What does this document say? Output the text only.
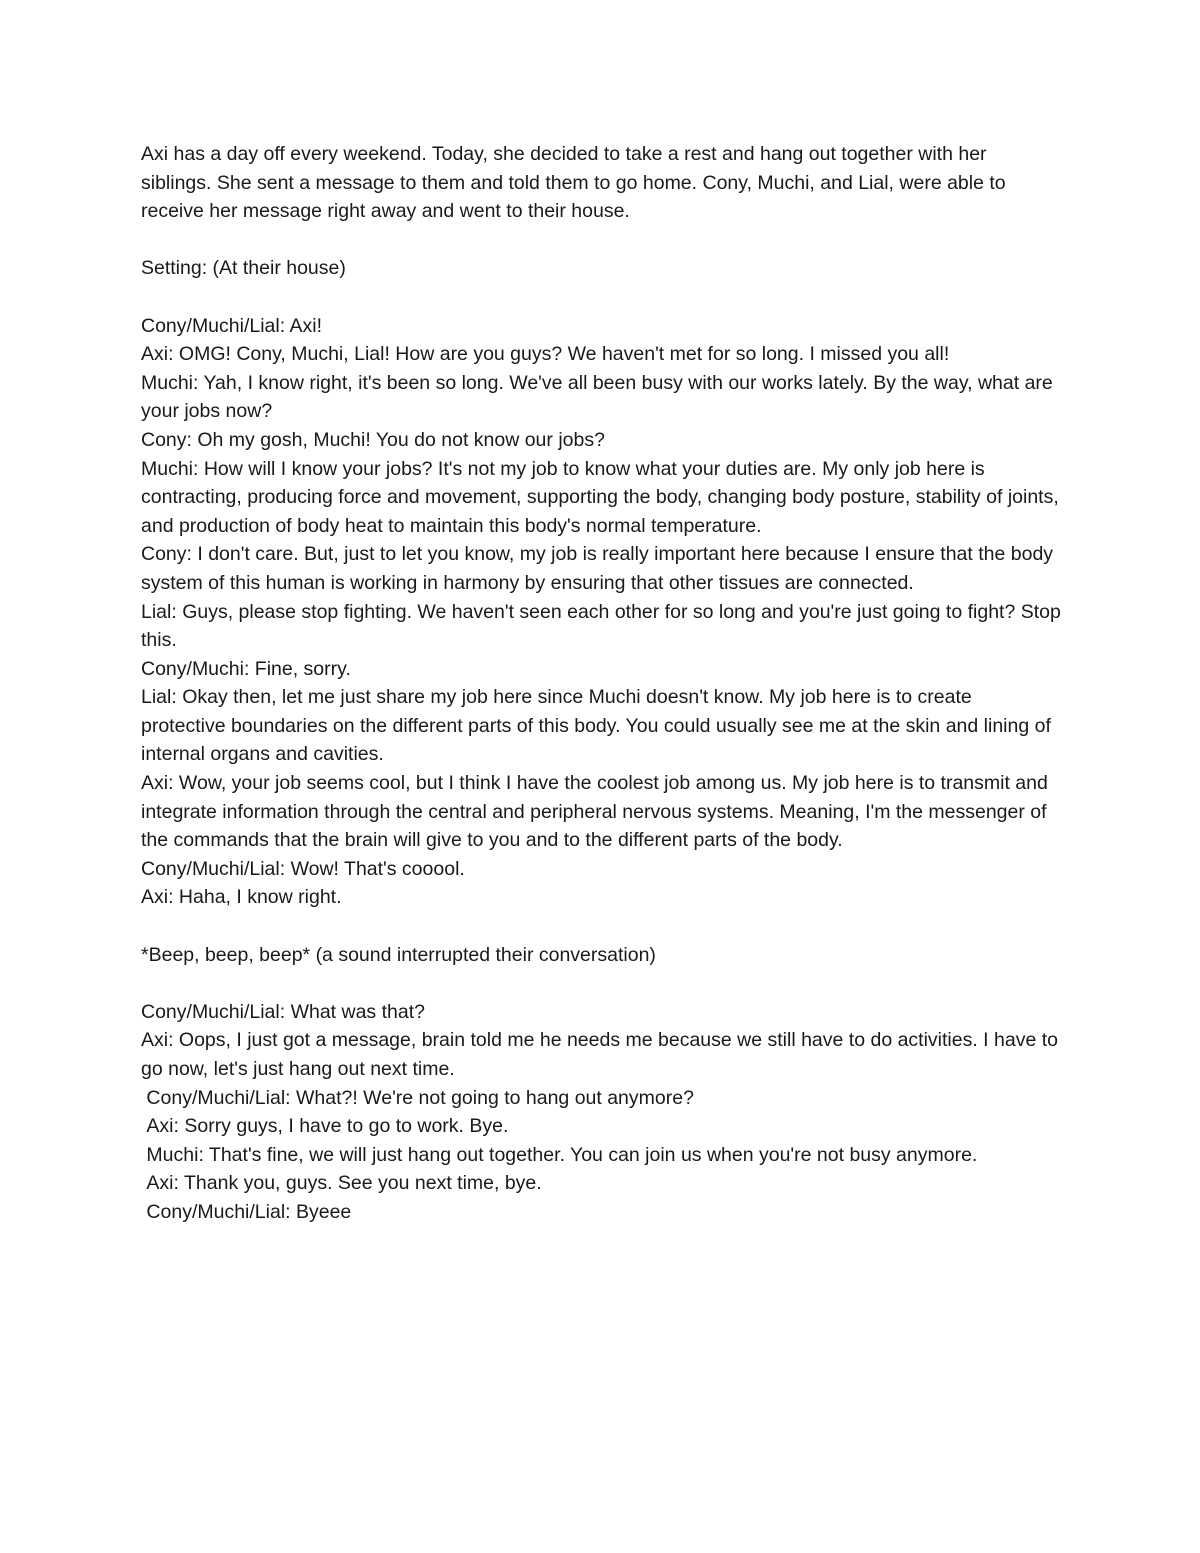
Axi has a day off every weekend. Today, she decided to take a rest and hang out together with her siblings. She sent a message to them and told them to go home. Cony, Muchi, and Lial, were able to receive her message right away and went to their house.

Setting: (At their house)

Cony/Muchi/Lial: Axi!

Axi: OMG! Cony, Muchi, Lial! How are you guys? We haven't met for so long. I missed you all!

Muchi: Yah, I know right, it's been so long. We've all been busy with our works lately. By the way, what are your jobs now?

Cony: Oh my gosh, Muchi! You do not know our jobs?

Muchi: How will I know your jobs? It's not my job to know what your duties are. My only job here is contracting, producing force and movement, supporting the body, changing body posture, stability of joints, and production of body heat to maintain this body's normal temperature.

Cony: I don't care. But, just to let you know, my job is really important here because I ensure that the body system of this human is working in harmony by ensuring that other tissues are connected.

Lial: Guys, please stop fighting. We haven't seen each other for so long and you're just going to fight? Stop this.

Cony/Muchi: Fine, sorry.

Lial: Okay then, let me just share my job here since Muchi doesn't know. My job here is to create protective boundaries on the different parts of this body. You could usually see me at the skin and lining of internal organs and cavities.

Axi: Wow, your job seems cool, but I think I have the coolest job among us. My job here is to transmit and integrate information through the central and peripheral nervous systems. Meaning, I'm the messenger of the commands that the brain will give to you and to the different parts of the body.

Cony/Muchi/Lial: Wow! That's cooool.

Axi: Haha, I know right.

*Beep, beep, beep* (a sound interrupted their conversation)

Cony/Muchi/Lial: What was that?

Axi: Oops, I just got a message, brain told me he needs me because we still have to do activities. I have to go now, let's just hang out next time.

Cony/Muchi/Lial: What?! We're not going to hang out anymore?

Axi: Sorry guys, I have to go to work. Bye.

Muchi: That's fine, we will just hang out together. You can join us when you're not busy anymore.

Axi: Thank you, guys. See you next time, bye.

Cony/Muchi/Lial: Byeee
